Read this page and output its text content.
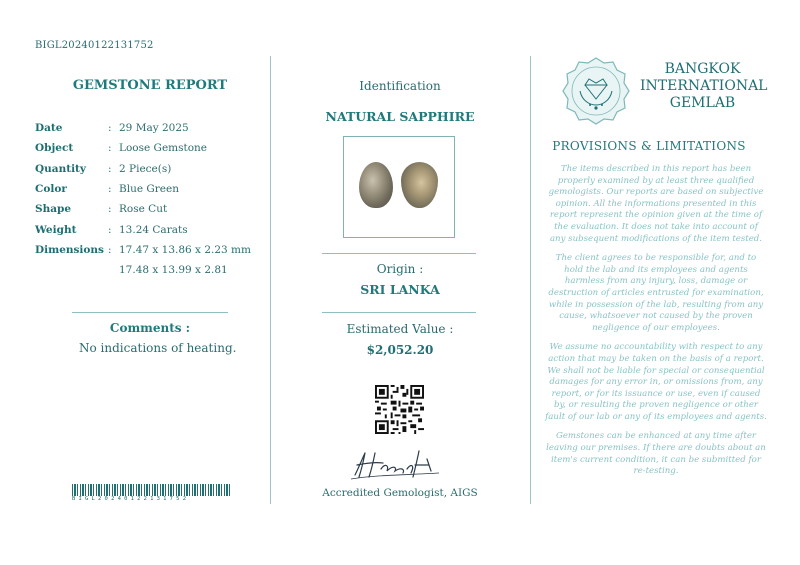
BIGL20240122131752
GEMSTONE REPORT
Date	: 29 May 2025
Object	: Loose Gemstone
Quantity	: 2 Piece(s)
Color	: Blue Green
Shape	: Rose Cut
Weight	: 13.24 Carats
Dimensions : 17.47 x 13.86 x 2.23 mm
17.48 x 13.99 x 2.81
Comments :
No indications of heating.
BIGL20240122131752
Identification
NATURAL SAPPHIRE
Origin :
SRI LANKA
Estimated Value :
$2,052.20
Accredited Gemologist, AIGS
BANGKOK
INTERNATIONAL
GEMLAB
PROVISIONS & LIMITATIONS

The items described in this report has been properly examined by at least three qualified gemologists. Our reports are based on subjective opinion. All the informations presented in this report represent the opinion given at the time of the evaluation. It does not take into account of any subsequent modifications of the item tested.

The client agrees to be responsible for, and to hold the lab and its employees and agents harmless from any injury, loss, damage or destruction of articles entrusted for examination, while in possession of the lab, resulting from any cause, whatsoever not caused by the proven negligence of our employees.

We assume no accountability with respect to any action that may be taken on the basis of a report. We shall not be liable for special or consequential damages for any error in, or omissions from, any report, or for its issuance or use, even if caused by, or resulting the proven negligence or other fault of our lab or any of its employees and agents.

Gemstones can be enhanced at any time after leaving our premises. If there are doubts about an item's current condition, it can be submitted for re-testing.
